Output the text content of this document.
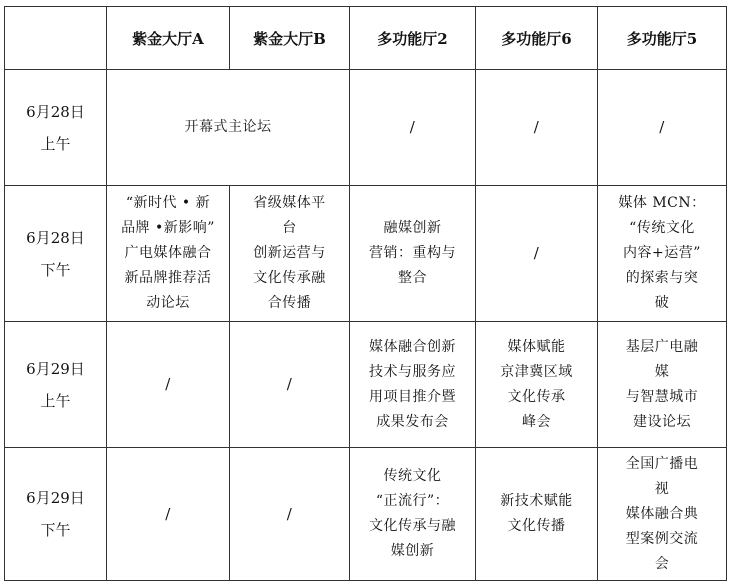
	紫金大厅A	紫金大厅B	多功能厅2	多功能厅6	多功能厅5

6月28日
上午	开幕式主论坛		/	/	/

6月28日
下午	“新时代 • 新
品牌 •新影响”
广电媒体融合
新品牌推荐活
动论坛	省级媒体平
台
创新运营与
文化传承融
合传播	融媒创新
营销：重构与
整合	/	媒体 MCN：
“传统文化
内容+运营”
的探索与突
破

6月29日
上午	/	/	媒体融合创新
技术与服务应
用项目推介暨
成果发布会	媒体赋能
京津冀区域
文化传承
峰会	基层广电融
媒
与智慧城市
建设论坛

6月29日
下午	/	/	传统文化
“正流行”：
文化传承与融
媒创新	新技术赋能
文化传播	全国广播电
视
媒体融合典
型案例交流
会
